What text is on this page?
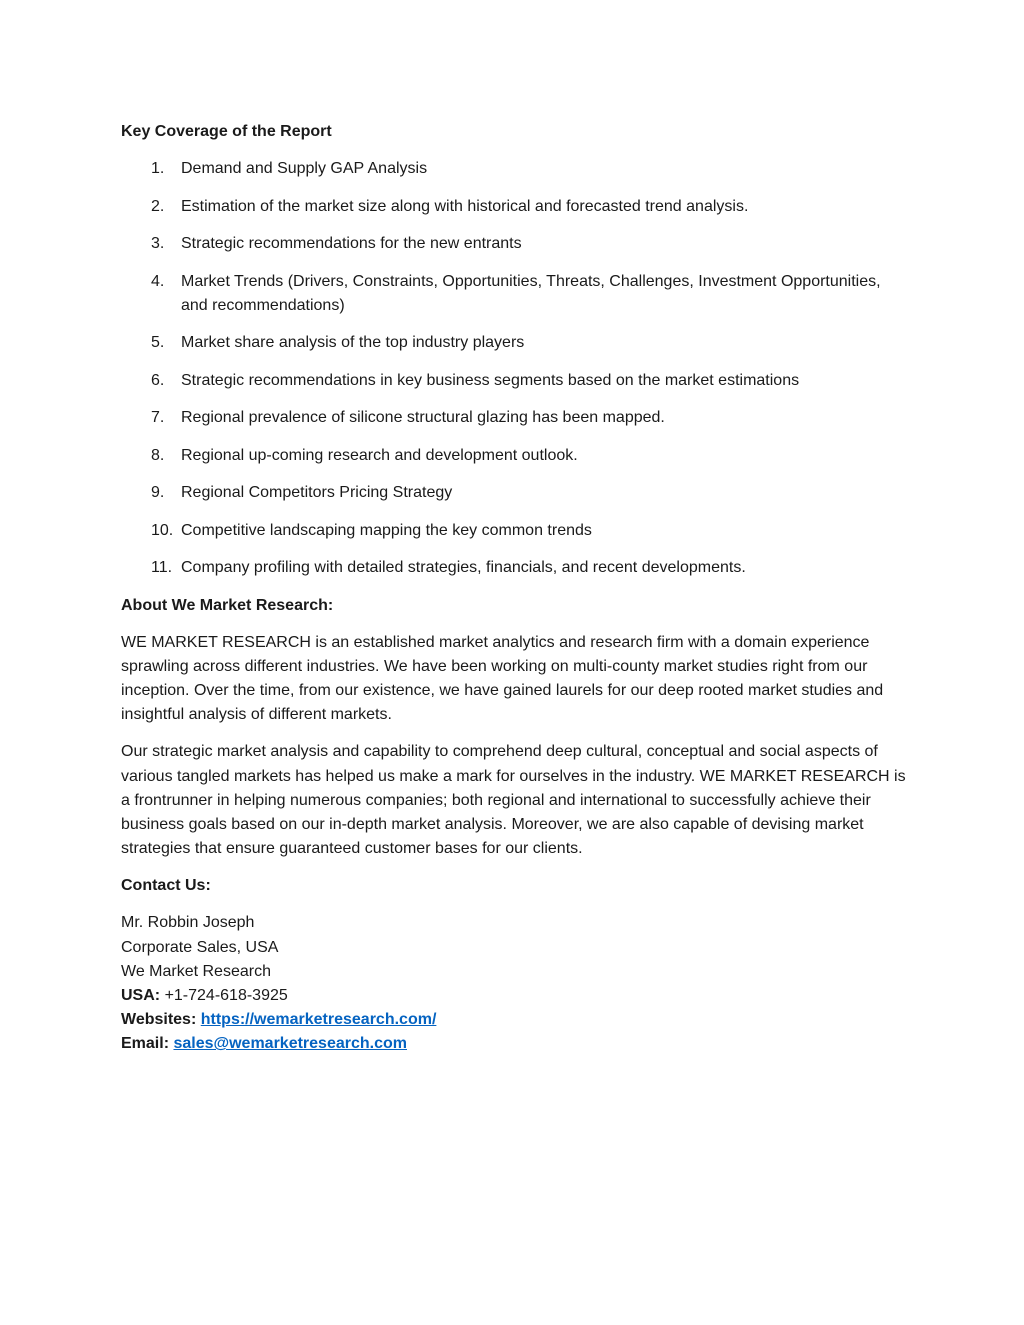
Key Coverage of the Report
1.	Demand and Supply GAP Analysis
2.	Estimation of the market size along with historical and forecasted trend analysis.
3.	Strategic recommendations for the new entrants
4.	Market Trends (Drivers, Constraints, Opportunities, Threats, Challenges, Investment Opportunities, and recommendations)
5.	Market share analysis of the top industry players
6.	Strategic recommendations in key business segments based on the market estimations
7.	Regional prevalence of silicone structural glazing has been mapped.
8.	Regional up-coming research and development outlook.
9.	Regional Competitors Pricing Strategy
10. Competitive landscaping mapping the key common trends
11. Company profiling with detailed strategies, financials, and recent developments.
About We Market Research:

WE MARKET RESEARCH is an established market analytics and research firm with a domain experience sprawling across different industries. We have been working on multi-county market studies right from our inception. Over the time, from our existence, we have gained laurels for our deep rooted market studies and insightful analysis of different markets.

Our strategic market analysis and capability to comprehend deep cultural, conceptual and social aspects of various tangled markets has helped us make a mark for ourselves in the industry. WE MARKET RESEARCH is a frontrunner in helping numerous companies; both regional and international to successfully achieve their business goals based on our in-depth market analysis. Moreover, we are also capable of devising market strategies that ensure guaranteed customer bases for our clients.

Contact Us:
Mr. Robbin Joseph
Corporate Sales, USA
We Market Research
USA: +1-724-618-3925
Websites: https://wemarketresearch.com/
Email: sales@wemarketresearch.com
